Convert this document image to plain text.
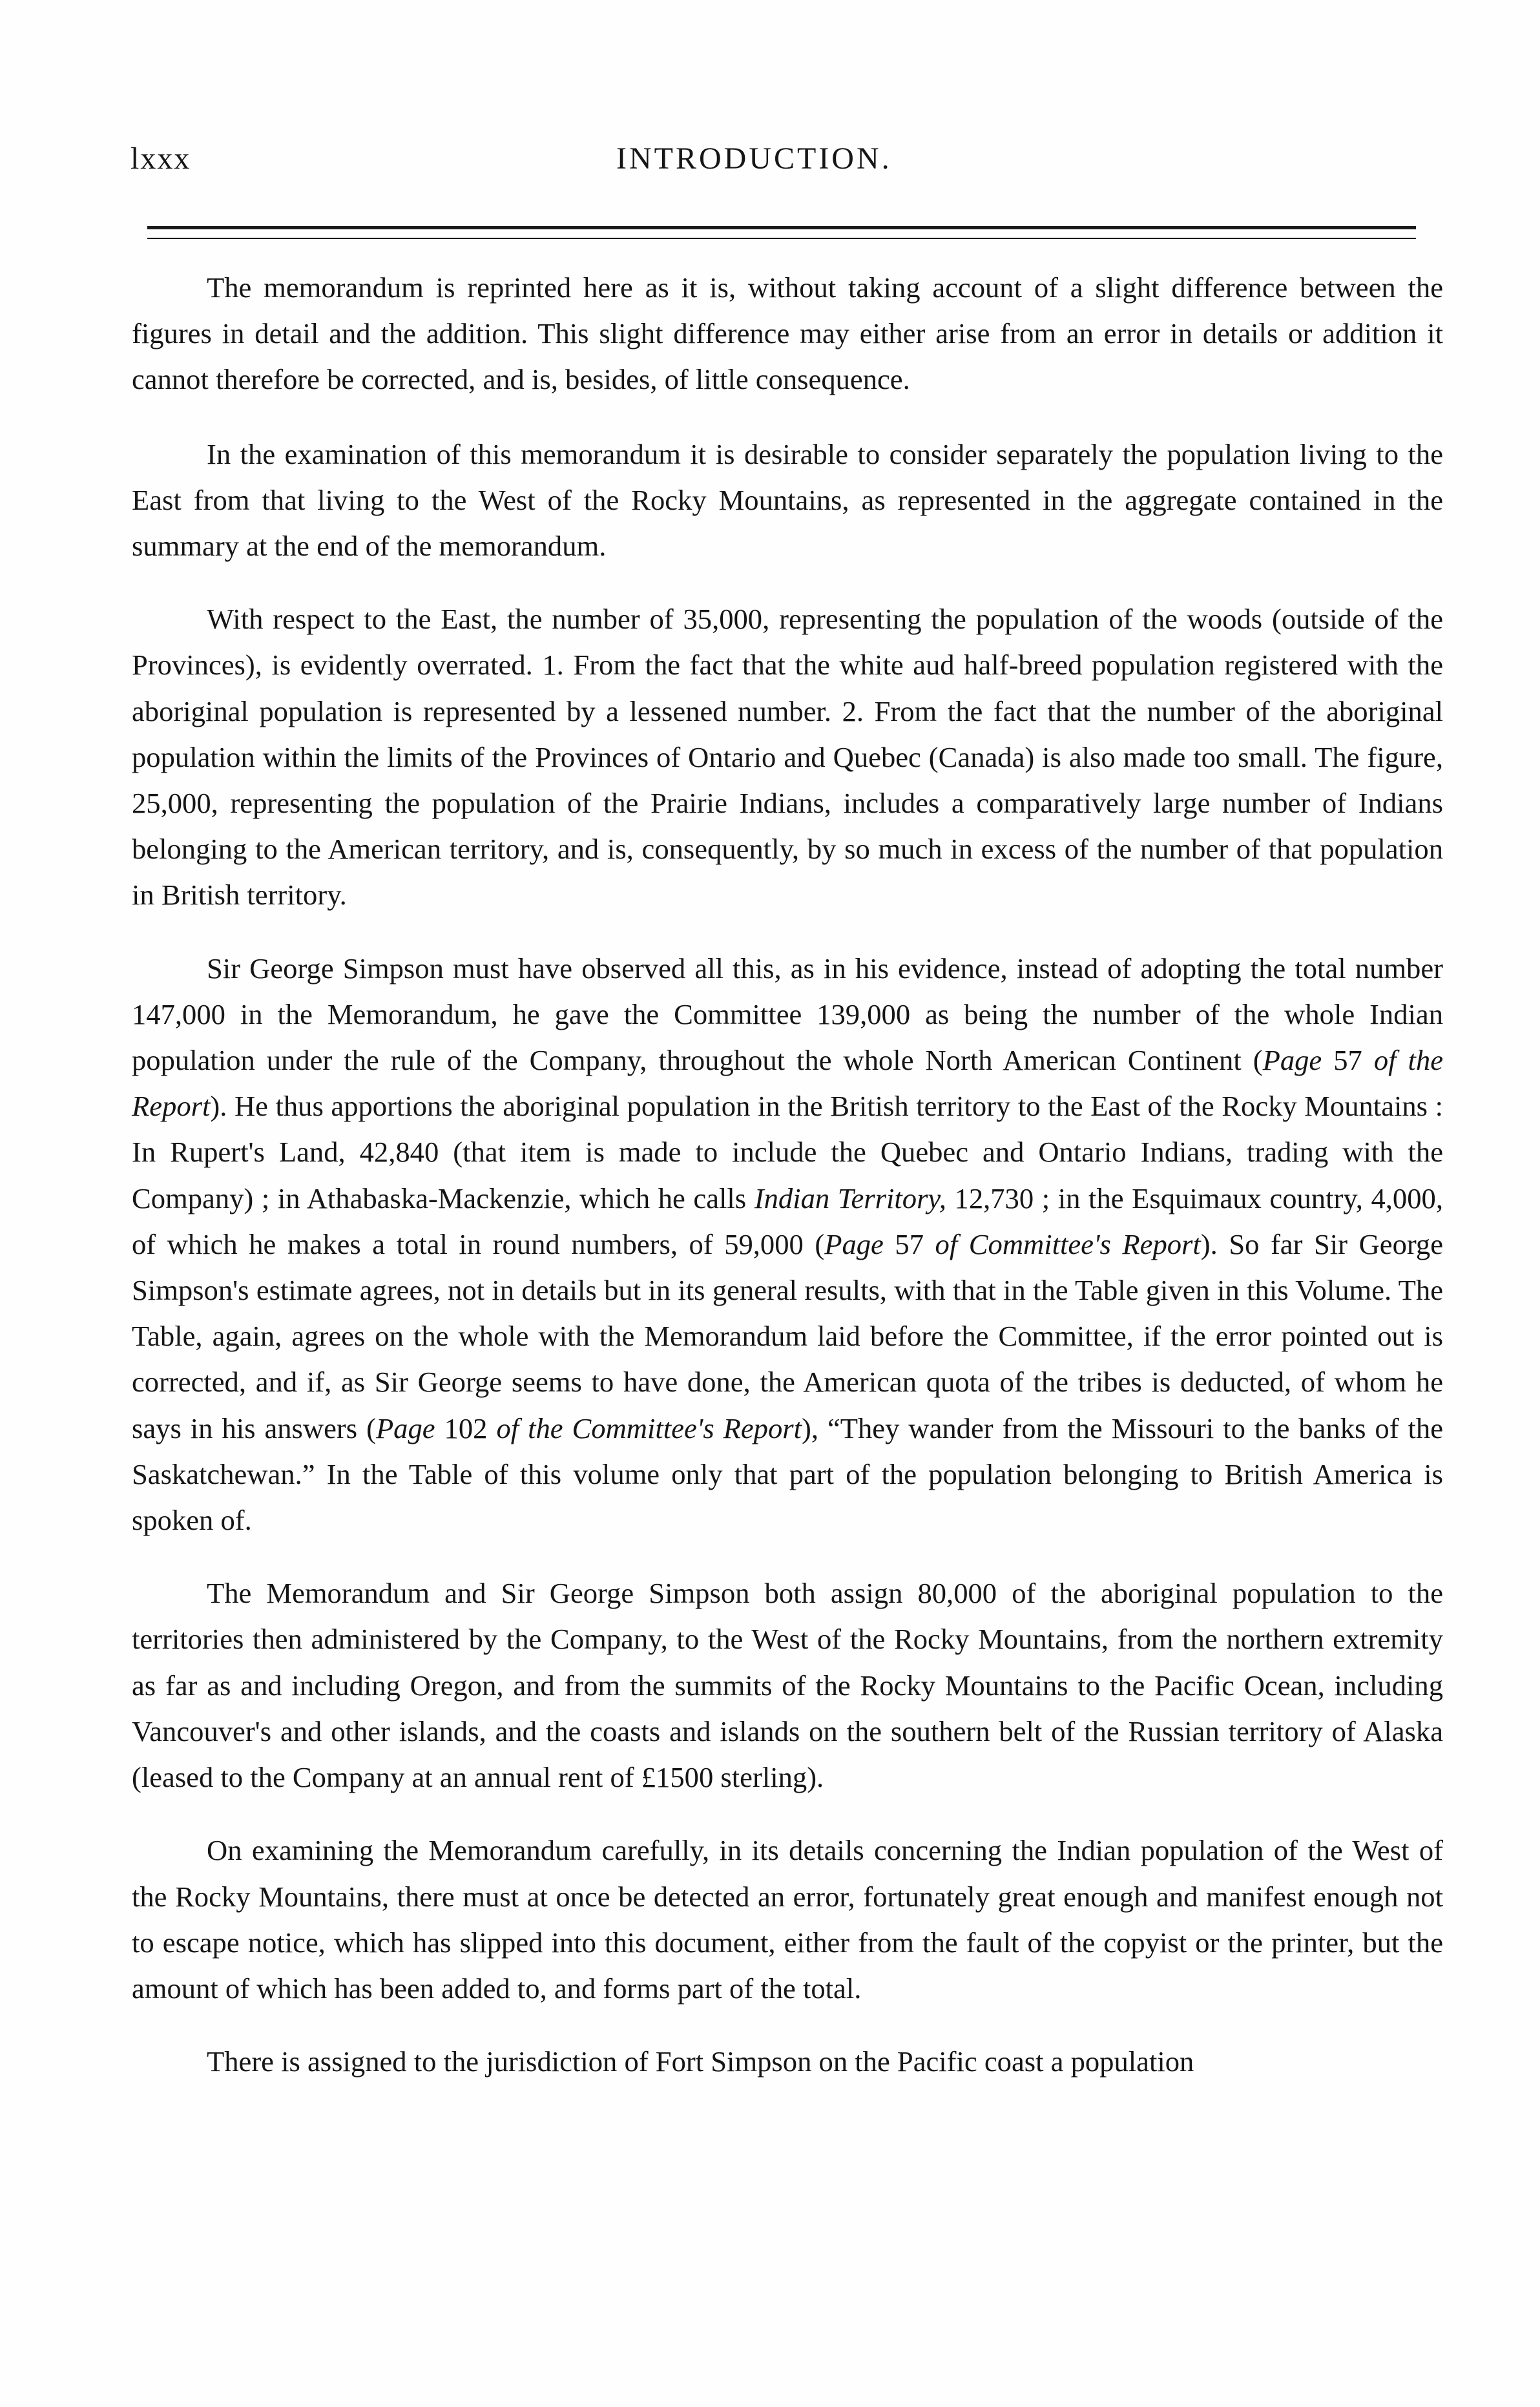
lxxx	INTRODUCTION.

The memorandum is reprinted here as it is, without taking account of a slight difference between the figures in detail and the addition. This slight difference may either arise from an error in details or addition it cannot therefore be corrected, and is, besides, of little consequence.

In the examination of this memorandum it is desirable to consider separately the population living to the East from that living to the West of the Rocky Mountains, as represented in the aggregate contained in the summary at the end of the memorandum.

With respect to the East, the number of 35,000, representing the population of the woods (outside of the Provinces), is evidently overrated. 1. From the fact that the white aud half-breed population registered with the aboriginal population is represented by a lessened number. 2. From the fact that the number of the aboriginal population within the limits of the Provinces of Ontario and Quebec (Canada) is also made too small. The figure, 25,000, representing the population of the Prairie Indians, includes a comparatively large number of Indians belonging to the American territory, and is, consequently, by so much in excess of the number of that population in British territory.

Sir George Simpson must have observed all this, as in his evidence, instead of adopting the total number 147,000 in the Memorandum, he gave the Committee 139,000 as being the number of the whole Indian population under the rule of the Company, throughout the whole North American Continent (Page 57 of the Report). He thus apportions the aboriginal population in the British territory to the East of the Rocky Mountains : In Rupert's Land, 42,840 (that item is made to include the Quebec and Ontario Indians, trading with the Company) ; in Athabaska-Mackenzie, which he calls Indian Territory, 12,730 ; in the Esquimaux country, 4,000, of which he makes a total in round numbers, of 59,000 (Page 57 of Committee's Report). So far Sir George Simpson's estimate agrees, not in details but in its general results, with that in the Table given in this Volume. The Table, again, agrees on the whole with the Memorandum laid before the Committee, if the error pointed out is corrected, and if, as Sir George seems to have done, the American quota of the tribes is deducted, of whom he says in his answers (Page 102 of the Committee's Report), “They wander from the Missouri to the banks of the Saskatchewan.” In the Table of this volume only that part of the population belonging to British America is spoken of.

The Memorandum and Sir George Simpson both assign 80,000 of the aboriginal population to the territories then administered by the Company, to the West of the Rocky Mountains, from the northern extremity as far as and including Oregon, and from the summits of the Rocky Mountains to the Pacific Ocean, including Vancouver's and other islands, and the coasts and islands on the southern belt of the Russian territory of Alaska (leased to the Company at an annual rent of £1500 sterling).

On examining the Memorandum carefully, in its details concerning the Indian population of the West of the Rocky Mountains, there must at once be detected an error, fortunately great enough and manifest enough not to escape notice, which has slipped into this document, either from the fault of the copyist or the printer, but the amount of which has been added to, and forms part of the total.

There is assigned to the jurisdiction of Fort Simpson on the Pacific coast a population
